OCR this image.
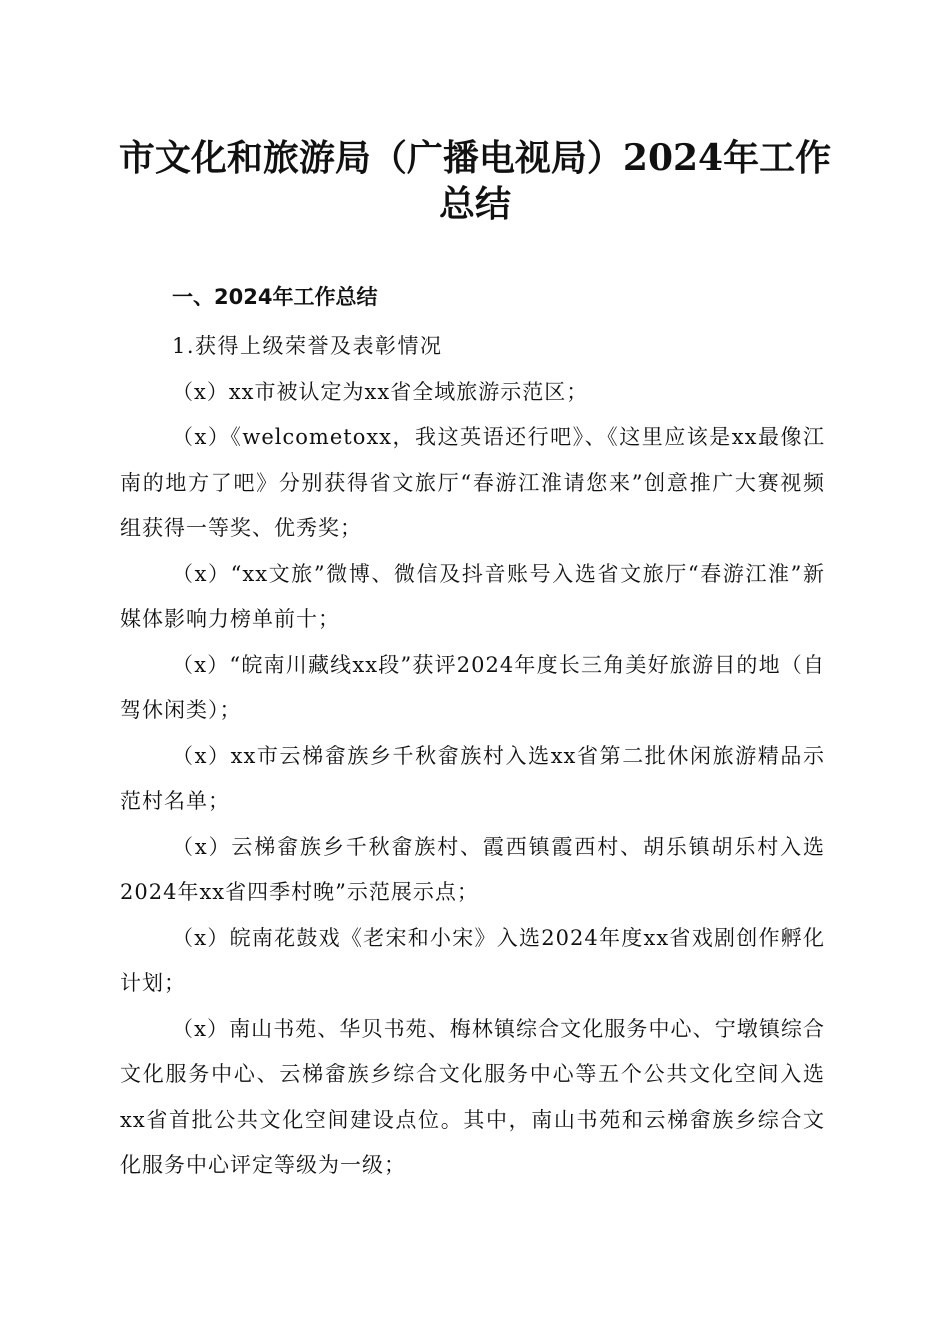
市文化和旅游局（广播电视局）2024年工作
总结
一、2024年工作总结

1.获得上级荣誉及表彰情况

（x）xx市被认定为xx省全域旅游示范区；

（x）《welcometoxx，我这英语还行吧》、《这里应该是xx最像江南的地方了吧》分别获得省文旅厅“春游江淮请您来”创意推广大赛视频组获得一等奖、优秀奖；

（x）“xx文旅”微博、微信及抖音账号入选省文旅厅“春游江淮”新媒体影响力榜单前十；

（x）“皖南川藏线xx段”获评2024年度长三角美好旅游目的地（自驾休闲类）；

（x）xx市云梯畲族乡千秋畲族村入选xx省第二批休闲旅游精品示范村名单；

（x）云梯畲族乡千秋畲族村、霞西镇霞西村、胡乐镇胡乐村入选2024年xx省四季村晚”示范展示点；

（x）皖南花鼓戏《老宋和小宋》入选2024年度xx省戏剧创作孵化计划；

（x）南山书苑、华贝书苑、梅林镇综合文化服务中心、宁墩镇综合文化服务中心、云梯畲族乡综合文化服务中心等五个公共文化空间入选xx省首批公共文化空间建设点位。其中，南山书苑和云梯畲族乡综合文化服务中心评定等级为一级；
